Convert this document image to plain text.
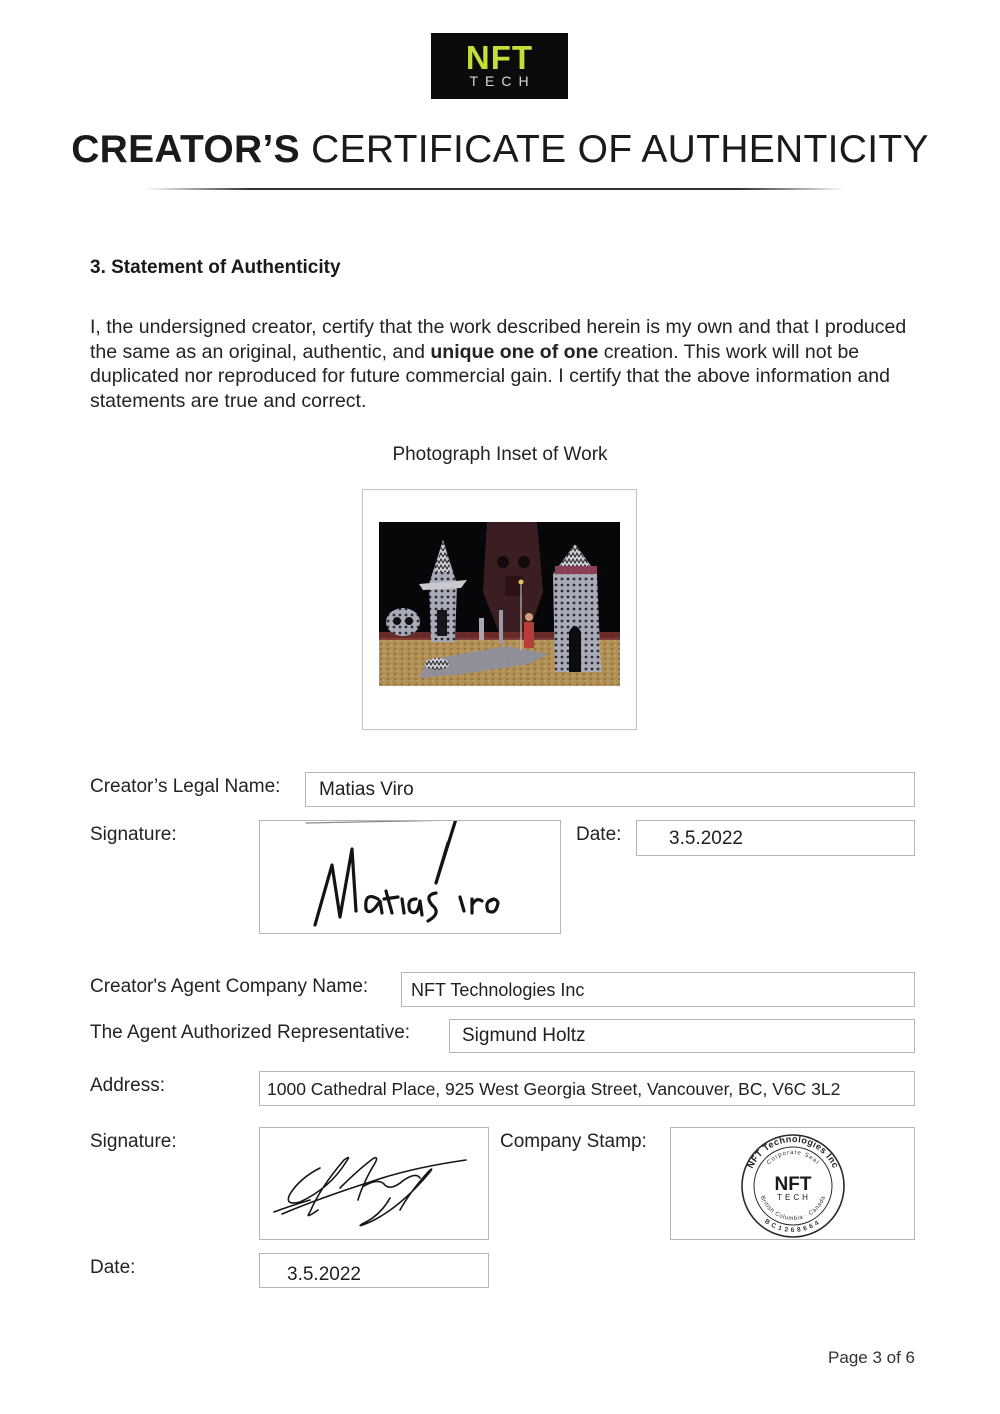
NFT
TECH
CREATOR’S CERTIFICATE OF AUTHENTICITY
3. Statement of Authenticity
I, the undersigned creator, certify that the work described herein is my own and that I produced the same as an original, authentic, and unique one of one creation. This work will not be duplicated nor reproduced for future commercial gain. I certify that the above information and statements are true and correct.
Photograph Inset of Work
Creator’s Legal Name: Matias Viro
Signature:	Date:	3.5.2022
Creator's Agent Company Name: NFT Technologies Inc
The Agent Authorized Representative:	Sigmund Holtz
Address:	1000 Cathedral Place, 925 West Georgia Street, Vancouver, BC, V6C 3L2
Signature:	Company Stamp:
NFT Technologies Inc
Corporate Seal
British Columbia · Canada
BC1268664
NFT
TECH
Date:	3.5.2022
Page 3 of 6
